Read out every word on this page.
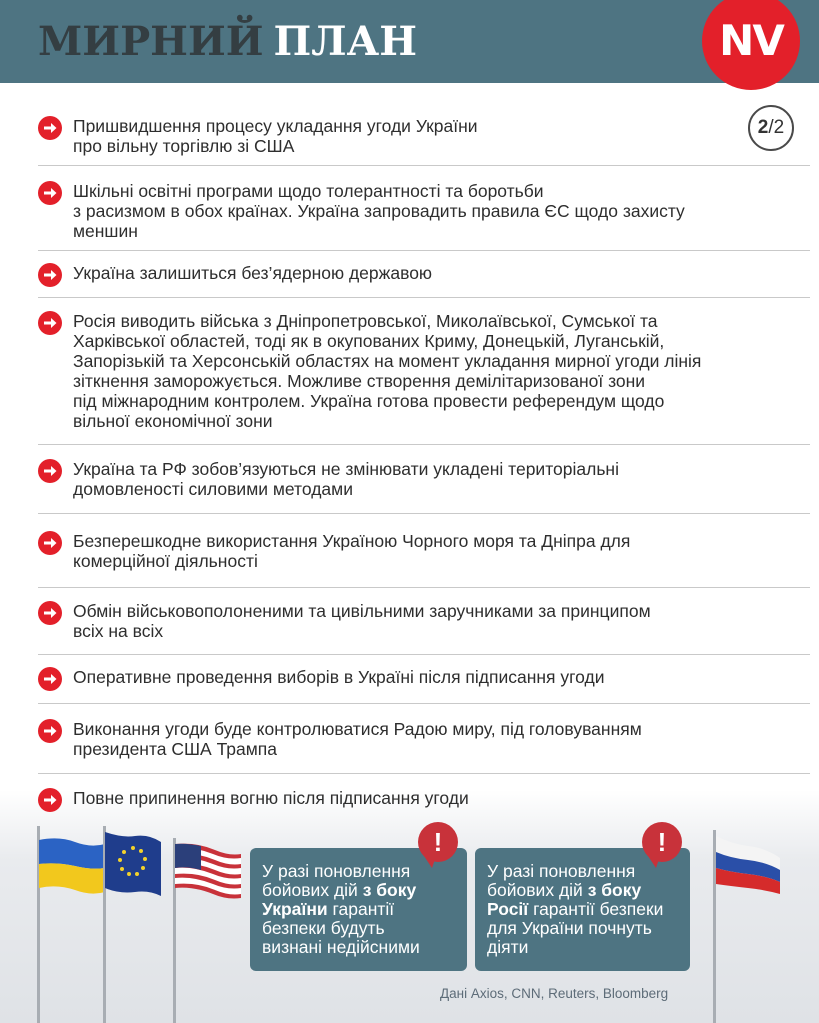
МИРНИЙ ПЛАН	NV
2 /2
Пришвидшення процесу укладання угоди України
про вільну торгівлю зі США
Шкільні освітні програми щодо толерантності та боротьби
з расизмом в обох країнах. Україна запровадить правила ЄС щодо захисту
меншин
Україна залишиться без’ядерною державою
Росія виводить війська з Дніпропетровської, Миколаївської, Сумської та
Харківської областей, тоді як в окупованих Криму, Донецькій, Луганській,
Запорізькій та Херсонській областях на момент укладання мирної угоди лінія
зіткнення заморожується. Можливе створення демілітаризованої зони
під міжнародним контролем. Україна готова провести референдум щодо
вільної економічної зони
Україна та РФ зобов’язуються не змінювати укладені територіальні
домовленості силовими методами
Безперешкодне використання Україною Чорного моря та Дніпра для
комерційної діяльності
Обмін військовополоненими та цивільними заручниками за принципом
всіх на всіх
Оперативне проведення виборів в Україні після підписання угоди
Виконання угоди буде контролюватися Радою миру, під головуванням
президента США Трампа
Повне припинення вогню після підписання угоди
У разі поновлення
бойових дій з боку
України гарантії
безпеки будуть
визнані недійсними
!
У разі поновлення
бойових дій з боку
Росії гарантії безпеки
для України почнуть
діяти
!
Дані Axios, CNN, Reuters, Bloomberg
